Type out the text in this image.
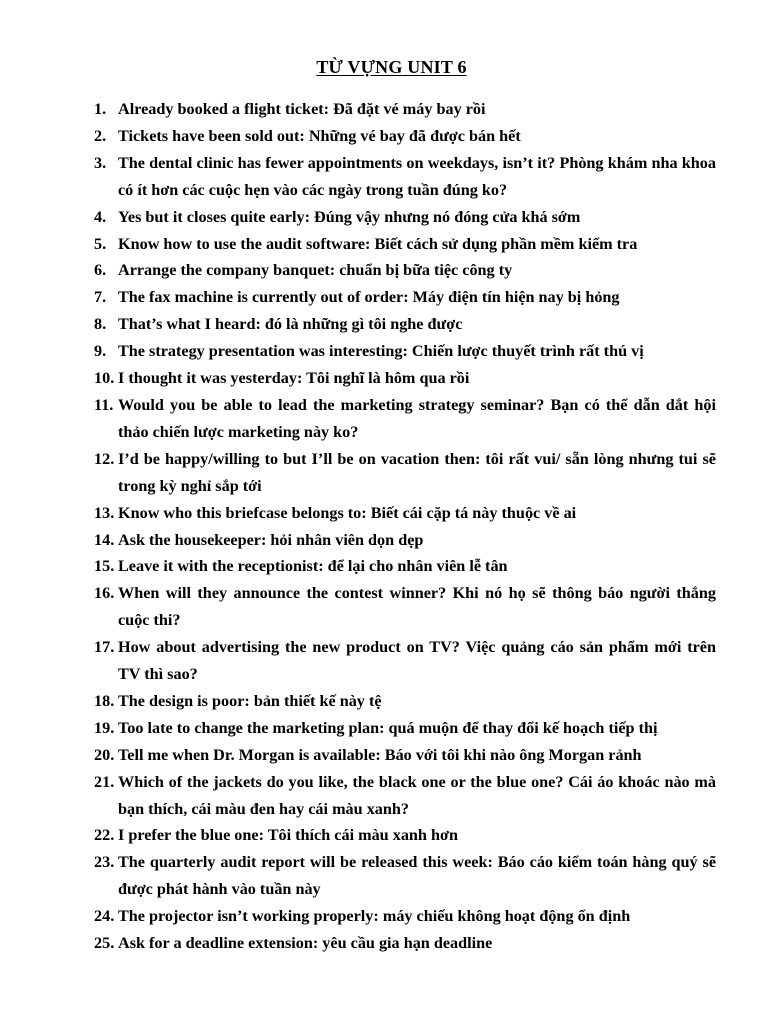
TỪ VỰNG UNIT 6
1. Already booked a flight ticket: Đã đặt vé máy bay rồi
2. Tickets have been sold out: Những vé bay đã được bán hết
3. The dental clinic has fewer appointments on weekdays, isn’t it? Phòng khám nha khoa có ít hơn các cuộc hẹn vào các ngày trong tuần đúng ko?
4. Yes but it closes quite early: Đúng vậy nhưng nó đóng cửa khá sớm
5. Know how to use the audit software: Biết cách sử dụng phần mềm kiểm tra
6. Arrange the company banquet: chuẩn bị bữa tiệc công ty
7. The fax machine is currently out of order: Máy điện tín hiện nay bị hỏng
8. That’s what I heard: đó là những gì tôi nghe được
9. The strategy presentation was interesting: Chiến lược thuyết trình rất thú vị
10. I thought it was yesterday: Tôi nghĩ là hôm qua rồi
11. Would you be able to lead the marketing strategy seminar? Bạn có thể dẫn dắt hội thảo chiến lược marketing này ko?
12. I’d be happy/willing to but I’ll be on vacation then: tôi rất vui/ sẵn lòng nhưng tui sẽ trong kỳ nghỉ sắp tới
13. Know who this briefcase belongs to: Biết cái cặp tá này thuộc về ai
14. Ask the housekeeper: hỏi nhân viên dọn dẹp
15. Leave it with the receptionist: để lại cho nhân viên lễ tân
16. When will they announce the contest winner? Khi nó họ sẽ thông báo người thắng cuộc thi?
17. How about advertising the new product on TV? Việc quảng cáo sản phẩm mới trên TV thì sao?
18. The design is poor: bản thiết kế này tệ
19. Too late to change the marketing plan: quá muộn để thay đổi kế hoạch tiếp thị
20. Tell me when Dr. Morgan is available: Báo với tôi khi nào ông Morgan rảnh
21. Which of the jackets do you like, the black one or the blue one? Cái áo khoác nào mà bạn thích, cái màu đen hay cái màu xanh?
22. I prefer the blue one: Tôi thích cái màu xanh hơn
23. The quarterly audit report will be released this week: Báo cáo kiểm toán hàng quý sẽ được phát hành vào tuần này
24. The projector isn’t working properly: máy chiếu không hoạt động ổn định
25. Ask for a deadline extension: yêu cầu gia hạn deadline
